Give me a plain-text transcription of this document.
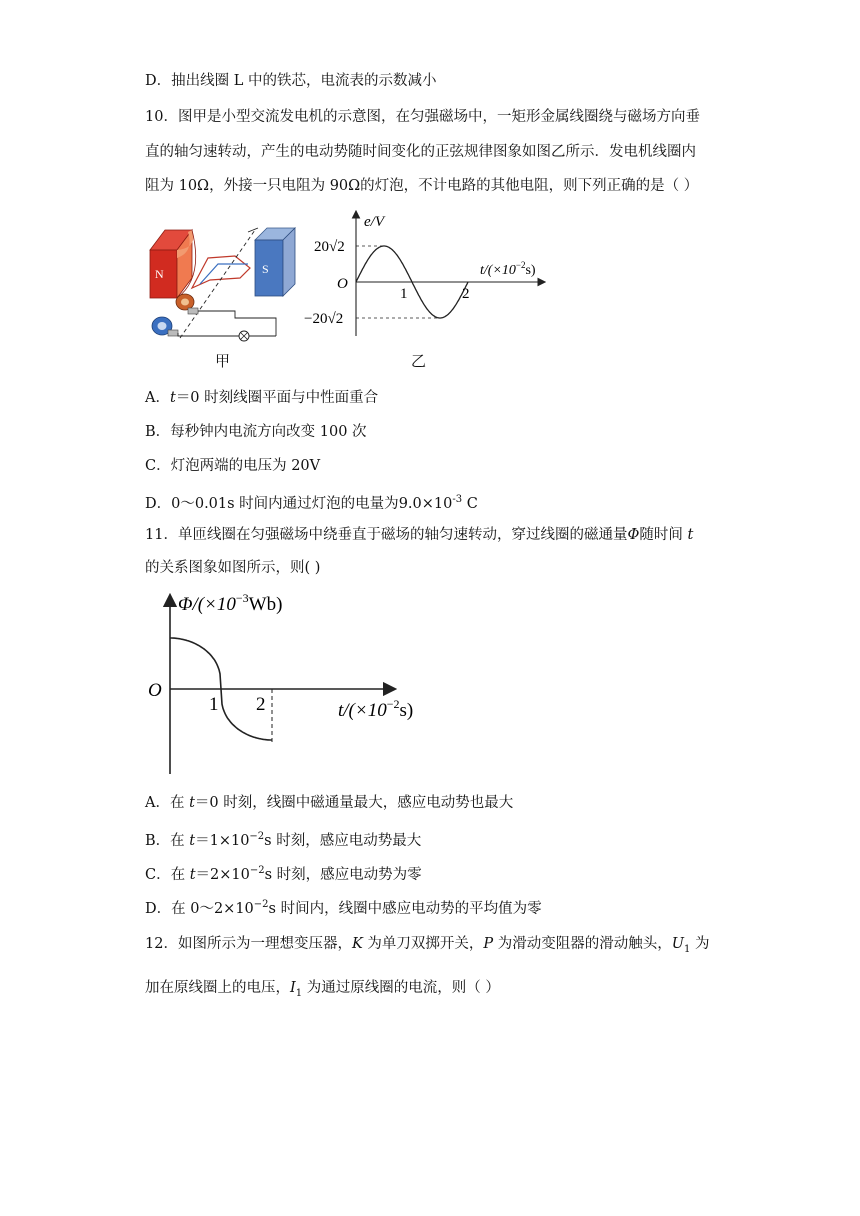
D．抽出线圈 L 中的铁芯，电流表的示数减小
10．图甲是小型交流发电机的示意图，在匀强磁场中，一矩形金属线圈绕与磁场方向垂
直的轴匀速转动，产生的电动势随时间变化的正弦规律图象如图乙所示．发电机线圈内
阻为 10Ω，外接一只电阻为 90Ω的灯泡，不计电路的其他电阻，则下列正确的是（ ）
N	S
甲
e/V
20√2
−20√2
O
1	2
$t/(\times 10^{-2}s)$
乙
A．t＝0 时刻线圈平面与中性面重合
B．每秒钟内电流方向改变 100 次
C．灯泡两端的电压为 20V
D．0～0.01s 时间内通过灯泡的电量为$9.0\times 10^{-3}$ C
11．单匝线圈在匀强磁场中绕垂直于磁场的轴匀速转动，穿过线圈的磁通量Φ随时间 t
的关系图象如图所示，则( )
$\Phi/(\times 10^{-3}Wb)$
O
1 2	$t/(\times 10^{-2}s)$
A．在 t＝0 时刻，线圈中磁通量最大，感应电动势也最大
B．在 $t=1\times 10^{-2}s$ 时刻，感应电动势最大
C．在 $t=2\times 10^{-2}s$ 时刻，感应电动势为零
D．在 $0\sim 2\times 10^{-2}s$ 时间内，线圈中感应电动势的平均值为零
12．如图所示为一理想变压器，K 为单刀双掷开关，P 为滑动变阻器的滑动触头，$U_1$ 为
加在原线圈上的电压，$I_1$ 为通过原线圈的电流，则（ ）
